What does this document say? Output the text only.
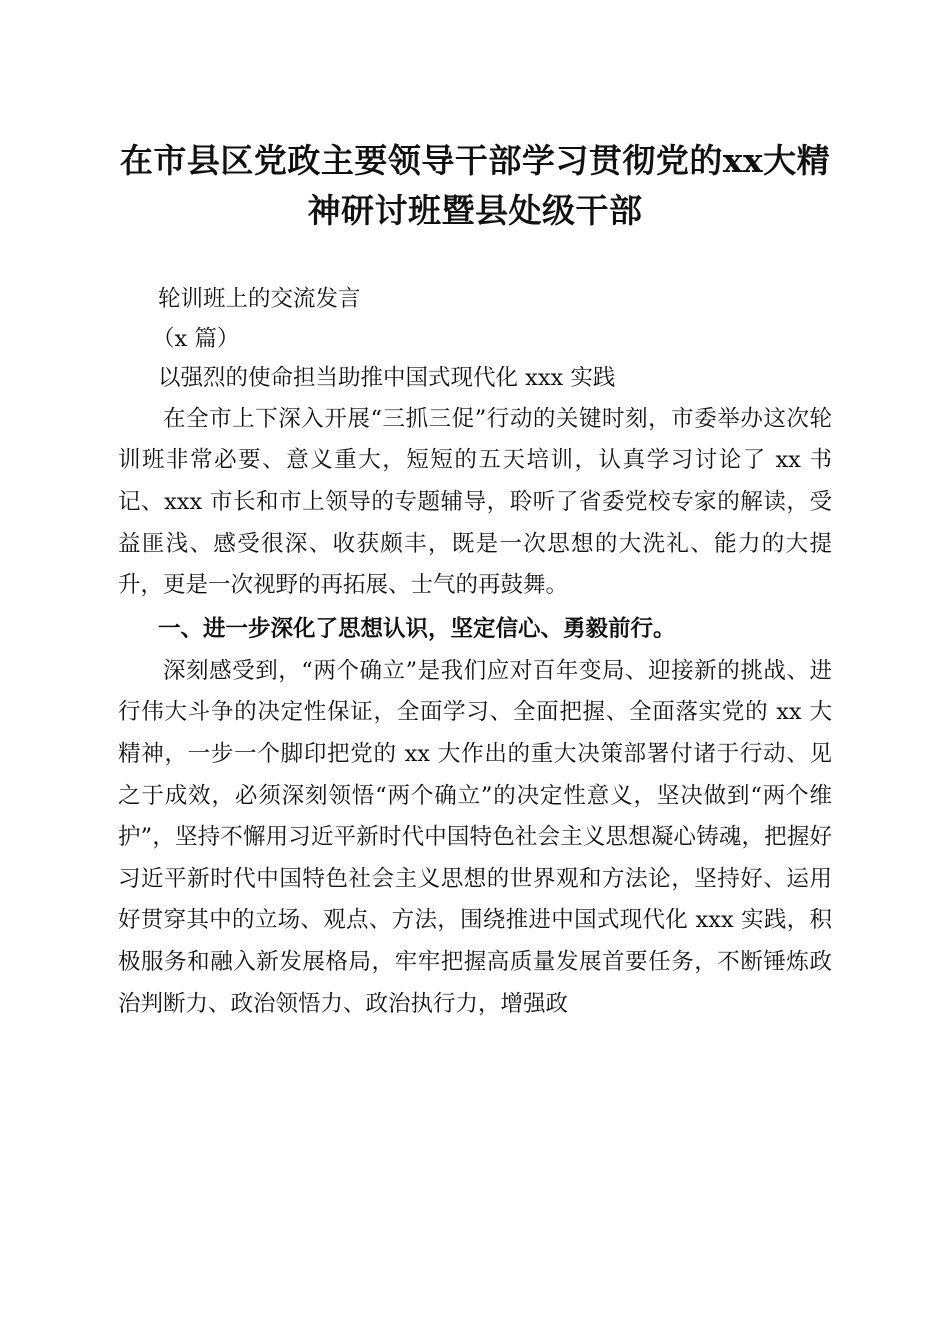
在市县区党政主要领导干部学习贯彻党的xx大精神研讨班暨县处级干部

轮训班上的交流发言

（x 篇）

以强烈的使命担当助推中国式现代化 xxx 实践

在全市上下深入开展“三抓三促”行动的关键时刻，市委举办这次轮训班非常必要、意义重大，短短的五天培训，认真学习讨论了 xx 书记、xxx 市长和市上领导的专题辅导，聆听了省委党校专家的解读，受益匪浅、感受很深、收获颇丰，既是一次思想的大洗礼、能力的大提升，更是一次视野的再拓展、士气的再鼓舞。

一、进一步深化了思想认识，坚定信心、勇毅前行。

深刻感受到，“两个确立”是我们应对百年变局、迎接新的挑战、进行伟大斗争的决定性保证，全面学习、全面把握、全面落实党的 xx 大精神，一步一个脚印把党的 xx 大作出的重大决策部署付诸于行动、见之于成效，必须深刻领悟“两个确立”的决定性意义，坚决做到“两个维护”，坚持不懈用习近平新时代中国特色社会主义思想凝心铸魂，把握好习近平新时代中国特色社会主义思想的世界观和方法论，坚持好、运用好贯穿其中的立场、观点、方法，围绕推进中国式现代化 xxx 实践，积极服务和融入新发展格局，牢牢把握高质量发展首要任务，不断锤炼政治判断力、政治领悟力、政治执行力，增强政
